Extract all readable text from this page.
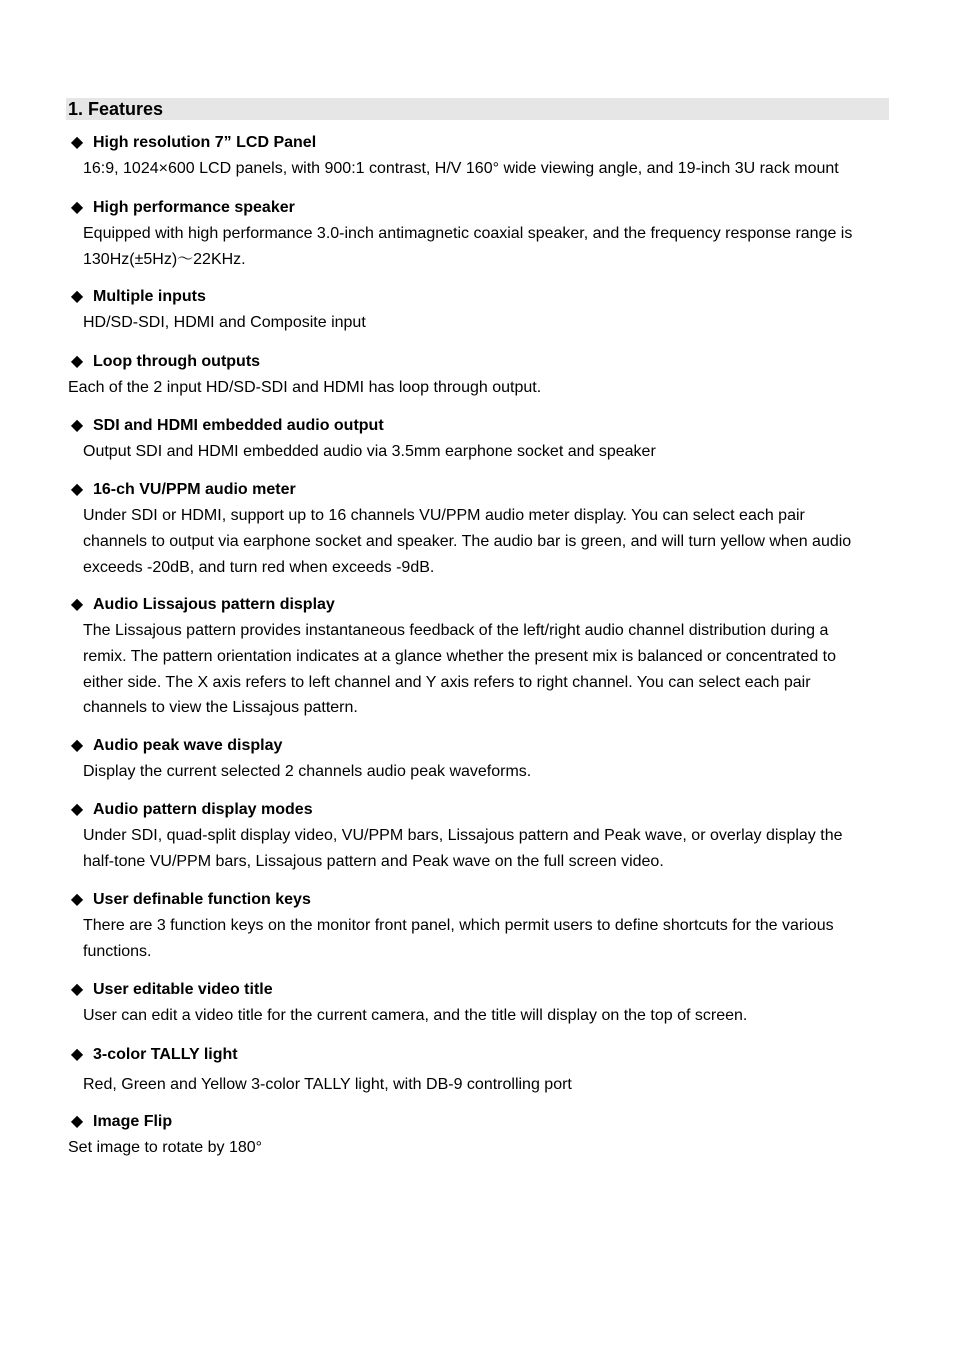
1. Features
◆ High resolution 7” LCD Panel
16:9, 1024×600 LCD panels, with 900:1 contrast, H/V 160° wide viewing angle, and 19-inch 3U rack mount
◆ High performance speaker
Equipped with high performance 3.0-inch antimagnetic coaxial speaker, and the frequency response range is
130Hz(±5Hz)～22KHz.
◆ Multiple inputs
HD/SD-SDI, HDMI and Composite input
◆ Loop through outputs
Each of the 2 input HD/SD-SDI and HDMI has loop through output.
◆ SDI and HDMI embedded audio output
Output SDI and HDMI embedded audio via 3.5mm earphone socket and speaker
◆ 16-ch VU/PPM audio meter
Under SDI or HDMI, support up to 16 channels VU/PPM audio meter display. You can select each pair
channels to output via earphone socket and speaker. The audio bar is green, and will turn yellow when audio
exceeds -20dB, and turn red when exceeds -9dB.
◆ Audio Lissajous pattern display
The Lissajous pattern provides instantaneous feedback of the left/right audio channel distribution during a
remix. The pattern orientation indicates at a glance whether the present mix is balanced or concentrated to
either side. The X axis refers to left channel and Y axis refers to right channel. You can select each pair
channels to view the Lissajous pattern.
◆ Audio peak wave display
Display the current selected 2 channels audio peak waveforms.
◆ Audio pattern display modes
Under SDI, quad-split display video, VU/PPM bars, Lissajous pattern and Peak wave, or overlay display the
half-tone VU/PPM bars, Lissajous pattern and Peak wave on the full screen video.
◆ User definable function keys
There are 3 function keys on the monitor front panel, which permit users to define shortcuts for the various
functions.
◆ User editable video title
User can edit a video title for the current camera, and the title will display on the top of screen.
◆ 3-color TALLY light
Red, Green and Yellow 3-color TALLY light, with DB-9 controlling port
◆ Image Flip
Set image to rotate by 180°
